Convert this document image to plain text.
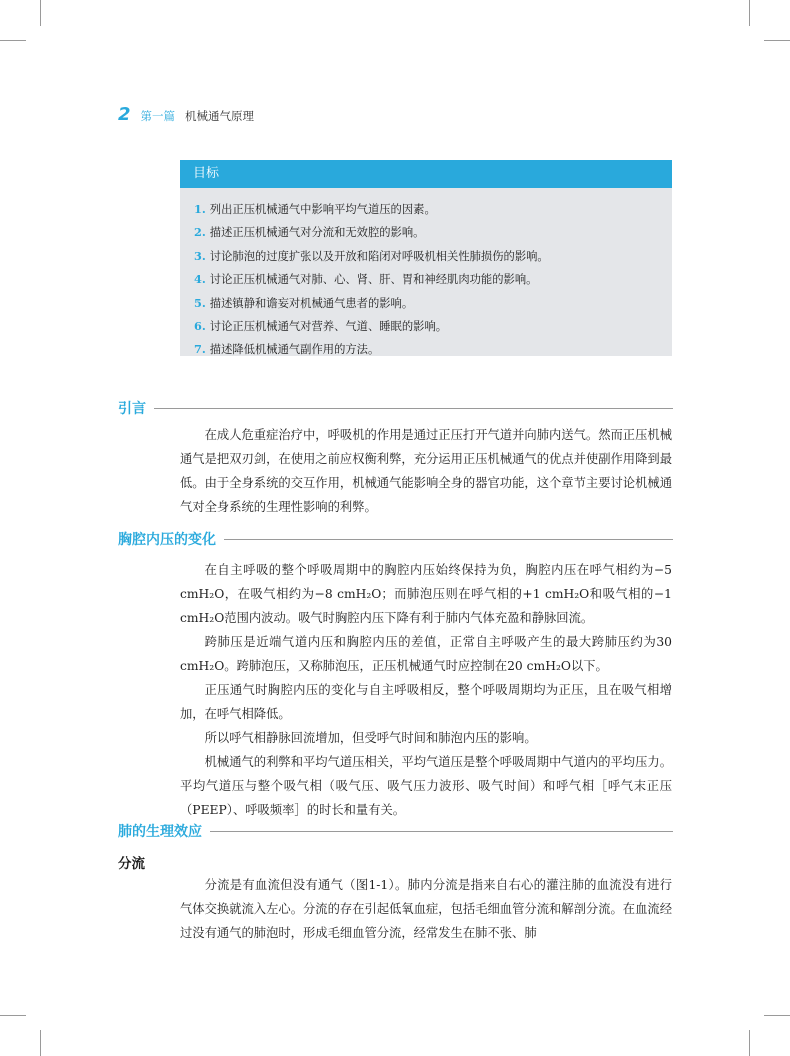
2 第一篇 机械通气原理
目标
1. 列出正压机械通气中影响平均气道压的因素。
2. 描述正压机械通气对分流和无效腔的影响。
3. 讨论肺泡的过度扩张以及开放和陷闭对呼吸机相关性肺损伤的影响。
4. 讨论正压机械通气对肺、心、肾、肝、胃和神经肌肉功能的影响。
5. 描述镇静和谵妄对机械通气患者的影响。
6. 讨论正压机械通气对营养、气道、睡眠的影响。
7. 描述降低机械通气副作用的方法。
引言

在成人危重症治疗中，呼吸机的作用是通过正压打开气道并向肺内送气。然而正压机械通气是把双刃剑，在使用之前应权衡利弊，充分运用正压机械通气的优点并使副作用降到最低。由于全身系统的交互作用，机械通气能影响全身的器官功能，这个章节主要讨论机械通气对全身系统的生理性影响的利弊。

胸腔内压的变化

在自主呼吸的整个呼吸周期中的胸腔内压始终保持为负，胸腔内压在呼气相约为−5 cmH₂O，在吸气相约为−8 cmH₂O；而肺泡压则在呼气相的+1 cmH₂O和吸气相的−1 cmH₂O范围内波动。吸气时胸腔内压下降有利于肺内气体充盈和静脉回流。

跨肺压是近端气道内压和胸腔内压的差值，正常自主呼吸产生的最大跨肺压约为30 cmH₂O。跨肺泡压，又称肺泡压，正压机械通气时应控制在20 cmH₂O以下。

正压通气时胸腔内压的变化与自主呼吸相反，整个呼吸周期均为正压，且在吸气相增加，在呼气相降低。

所以呼气相静脉回流增加，但受呼气时间和肺泡内压的影响。

机械通气的利弊和平均气道压相关，平均气道压是整个呼吸周期中气道内的平均压力。平均气道压与整个吸气相（吸气压、吸气压力波形、吸气时间）和呼气相［呼气末正压（PEEP）、呼吸频率］的时长和量有关。

肺的生理效应
分流

分流是有血流但没有通气（图1-1）。肺内分流是指来自右心的灌注肺的血流没有进行气体交换就流入左心。分流的存在引起低氧血症，包括毛细血管分流和解剖分流。在血流经过没有通气的肺泡时，形成毛细血管分流，经常发生在肺不张、肺
